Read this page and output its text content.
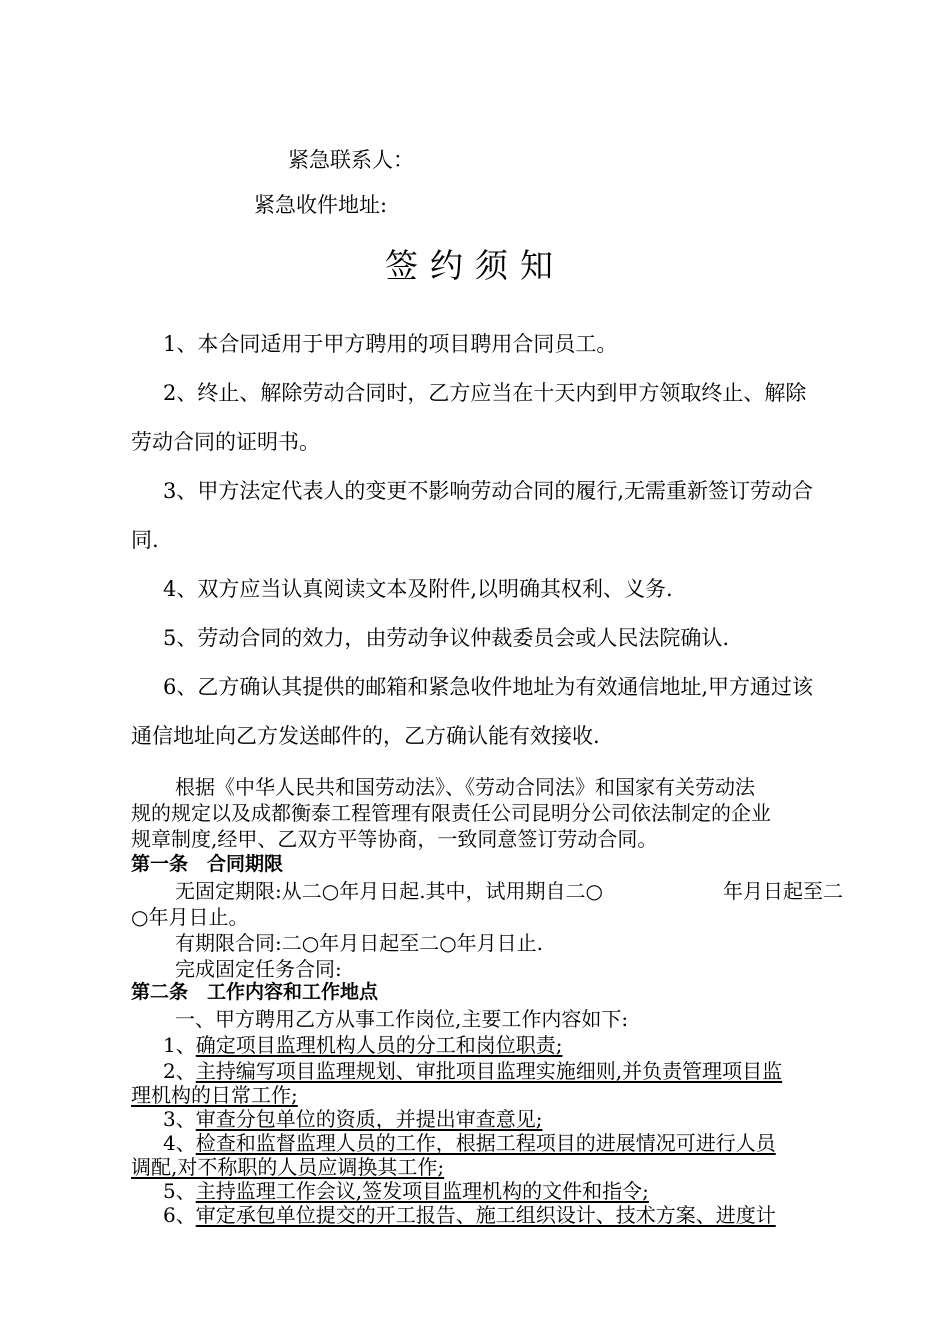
紧急联系人：
紧急收件地址:
签约须知
1、本合同适用于甲方聘用的项目聘用合同员工。
2、终止、解除劳动合同时，乙方应当在十天内到甲方领取终止、解除
劳动合同的证明书。
3、甲方法定代表人的变更不影响劳动合同的履行,无需重新签订劳动合
同.
4、双方应当认真阅读文本及附件,以明确其权利、义务.
5、劳动合同的效力，由劳动争议仲裁委员会或人民法院确认.
6、乙方确认其提供的邮箱和紧急收件地址为有效通信地址,甲方通过该
通信地址向乙方发送邮件的，乙方确认能有效接收.
根据《中华人民共和国劳动法》、《劳动合同法》和国家有关劳动法
规的规定以及成都衡泰工程管理有限责任公司昆明分公司依法制定的企业
规章制度,经甲、乙双方平等协商，一致同意签订劳动合同。
第一条　合同期限
无固定期限:从二○年月日起.其中，试用期自二○	年月日起至二
○年月日止。
有期限合同:二○年月日起至二○年月日止.
完成固定任务合同:
第二条　工作内容和工作地点
一、甲方聘用乙方从事工作岗位,主要工作内容如下:
1、确定项目监理机构人员的分工和岗位职责;
2、主持编写项目监理规划、审批项目监理实施细则,并负责管理项目监
理机构的日常工作;
3、审查分包单位的资质，并提出审查意见;
4、检查和监督监理人员的工作，根据工程项目的进展情况可进行人员
调配,对不称职的人员应调换其工作;
5、主持监理工作会议,签发项目监理机构的文件和指令;
6、审定承包单位提交的开工报告、施工组织设计、技术方案、进度计
